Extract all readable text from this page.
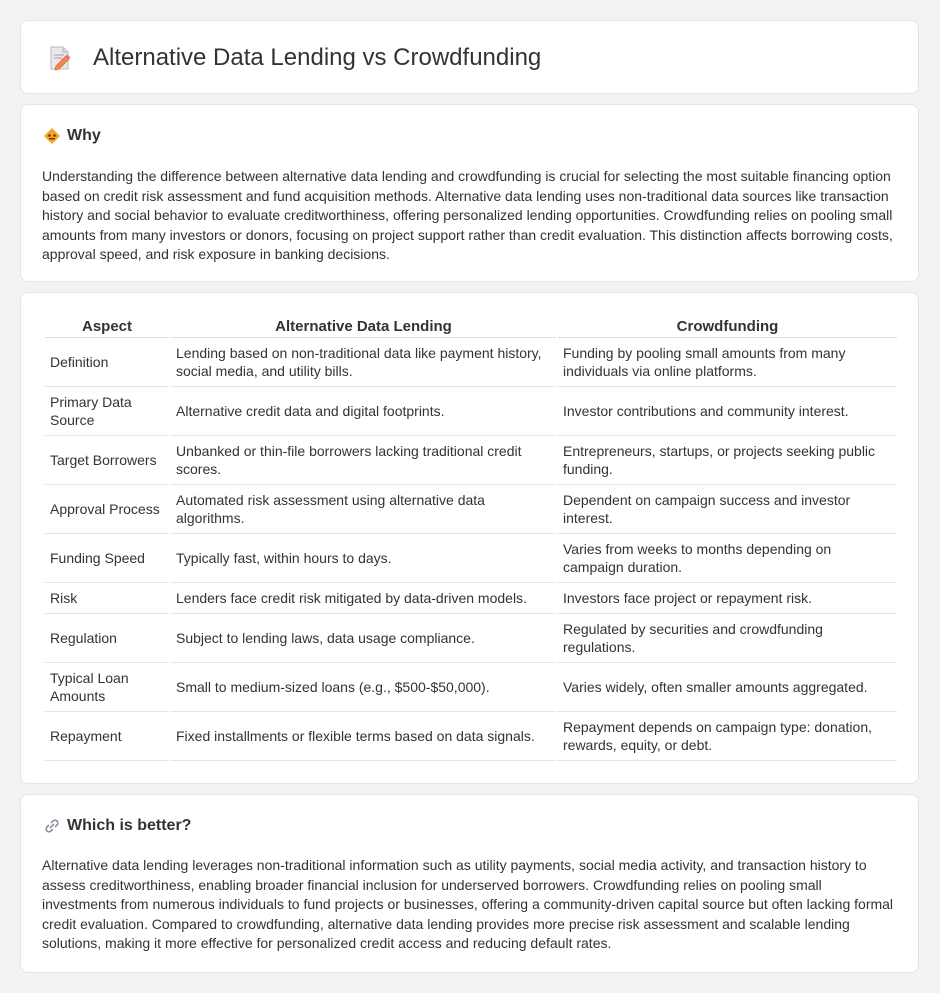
Alternative Data Lending vs Crowdfunding
Why

Understanding the difference between alternative data lending and crowdfunding is crucial for selecting the most suitable financing option based on credit risk assessment and fund acquisition methods. Alternative data lending uses non-traditional data sources like transaction history and social behavior to evaluate creditworthiness, offering personalized lending opportunities. Crowdfunding relies on pooling small amounts from many investors or donors, focusing on project support rather than credit evaluation. This distinction affects borrowing costs, approval speed, and risk exposure in banking decisions.

Aspect	Alternative Data Lending	Crowdfunding
Definition	Lending based on non-traditional data like payment history, social media, and utility bills.	Funding by pooling small amounts from many individuals via online platforms.
Primary Data Source	Alternative credit data and digital footprints.	Investor contributions and community interest.
Target Borrowers	Unbanked or thin-file borrowers lacking traditional credit scores.	Entrepreneurs, startups, or projects seeking public funding.
Approval Process	Automated risk assessment using alternative data algorithms.	Dependent on campaign success and investor interest.
Funding Speed	Typically fast, within hours to days.	Varies from weeks to months depending on campaign duration.
Risk	Lenders face credit risk mitigated by data-driven models.	Investors face project or repayment risk.
Regulation	Subject to lending laws, data usage compliance.	Regulated by securities and crowdfunding regulations.
Typical Loan Amounts	Small to medium-sized loans (e.g., $500-$50,000).	Varies widely, often smaller amounts aggregated.
Repayment	Fixed installments or flexible terms based on data signals.	Repayment depends on campaign type: donation, rewards, equity, or debt.
Which is better?

Alternative data lending leverages non-traditional information such as utility payments, social media activity, and transaction history to assess creditworthiness, enabling broader financial inclusion for underserved borrowers. Crowdfunding relies on pooling small investments from numerous individuals to fund projects or businesses, offering a community-driven capital source but often lacking formal credit evaluation. Compared to crowdfunding, alternative data lending provides more precise risk assessment and scalable lending solutions, making it more effective for personalized credit access and reducing default rates.
